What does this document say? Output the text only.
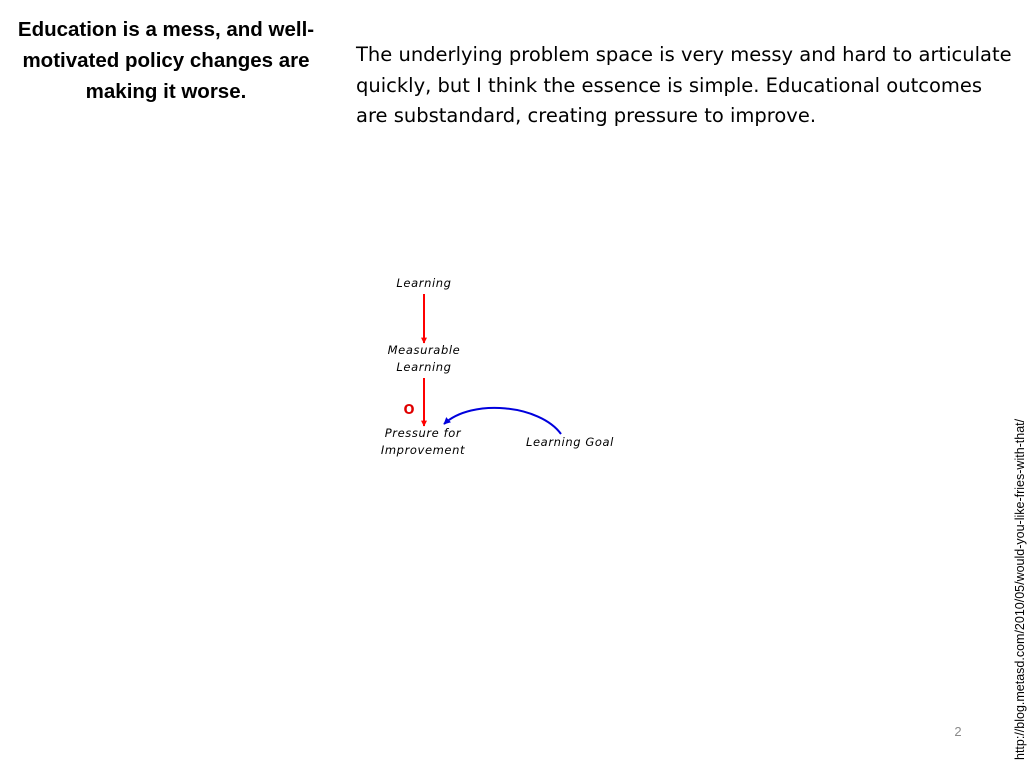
Education is a mess, and well-motivated policy changes are making it worse.

The underlying problem space is very messy and hard to articulate quickly, but I think the essence is simple. Educational outcomes are substandard, creating pressure to improve.

Learning
Measurable
Learning
Pressure for
Improvement
Learning Goal
O
http://blog.metasd.com/2010/05/would-you-like-fries-with-that/
2
